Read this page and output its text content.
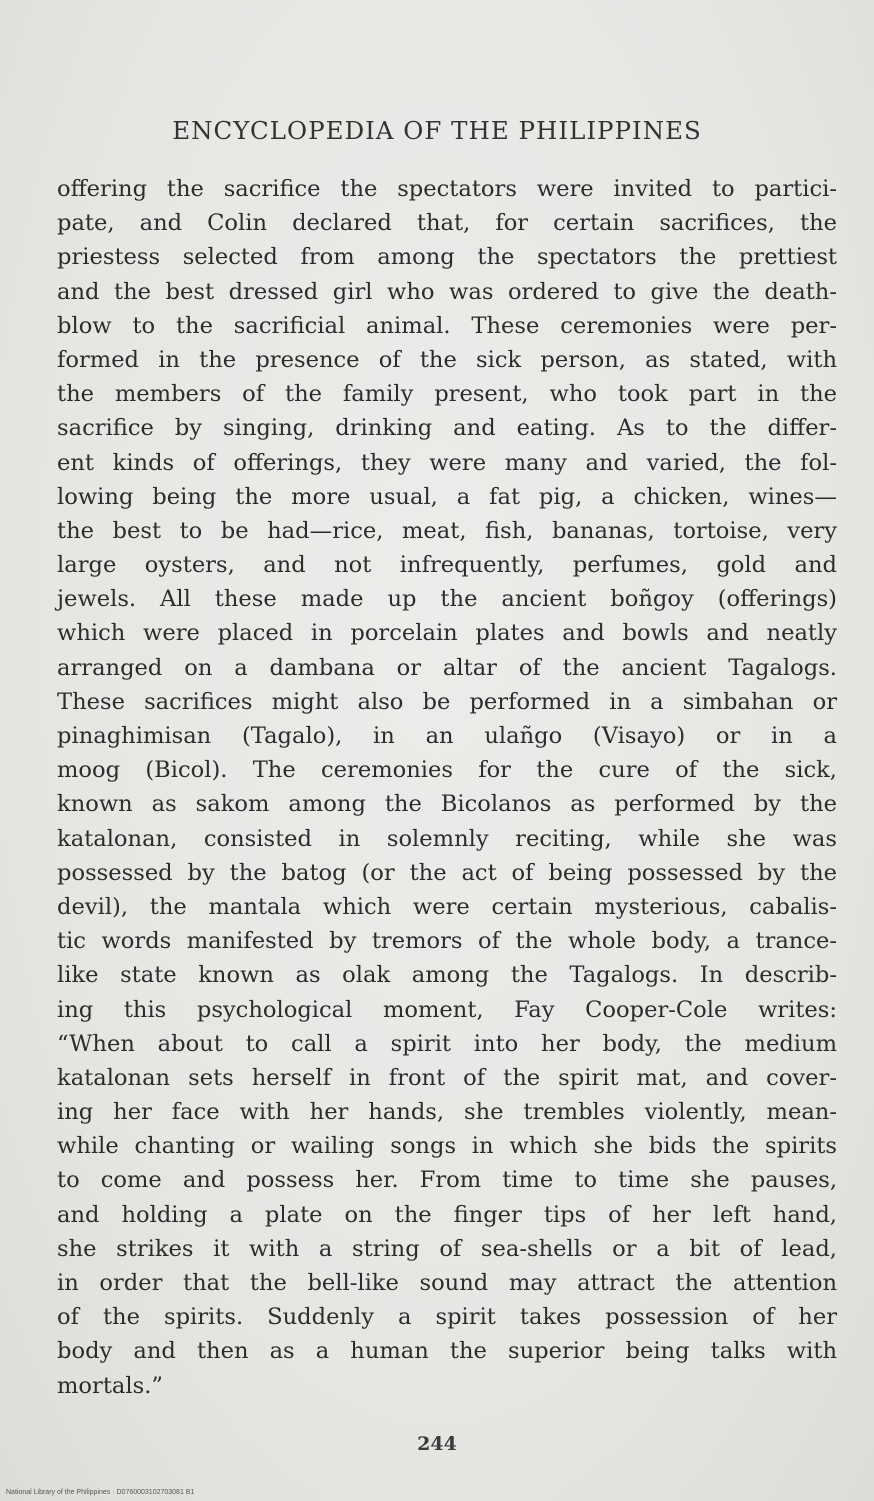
ENCYCLOPEDIA OF THE PHILIPPINES
offering the sacrifice the spectators were invited to partici-
pate, and Colin declared that, for certain sacrifices, the
priestess selected from among the spectators the prettiest
and the best dressed girl who was ordered to give the death-
blow to the sacrificial animal. These ceremonies were per-
formed in the presence of the sick person, as stated, with
the members of the family present, who took part in the
sacrifice by singing, drinking and eating. As to the differ-
ent kinds of offerings, they were many and varied, the fol-
lowing being the more usual, a fat pig, a chicken, wines—
the best to be had—rice, meat, fish, bananas, tortoise, very
large oysters, and not infrequently, perfumes, gold and
jewels. All these made up the ancient boñgoy (offerings)
which were placed in porcelain plates and bowls and neatly
arranged on a dambana or altar of the ancient Tagalogs.
These sacrifices might also be performed in a simbahan or
pinaghimisan (Tagalo), in an ulañgo (Visayo) or in a
moog (Bicol). The ceremonies for the cure of the sick,
known as sakom among the Bicolanos as performed by the
katalonan, consisted in solemnly reciting, while she was
possessed by the batog (or the act of being possessed by the
devil), the mantala which were certain mysterious, cabalis-
tic words manifested by tremors of the whole body, a trance-
like state known as olak among the Tagalogs. In describ-
ing this psychological moment, Fay Cooper-Cole writes:
“When about to call a spirit into her body, the medium
katalonan sets herself in front of the spirit mat, and cover-
ing her face with her hands, she trembles violently, mean-
while chanting or wailing songs in which she bids the spirits
to come and possess her. From time to time she pauses,
and holding a plate on the finger tips of her left hand,
she strikes it with a string of sea-shells or a bit of lead,
in order that the bell-like sound may attract the attention
of the spirits. Suddenly a spirit takes possession of her
body and then as a human the superior being talks with
mortals.”
244
National Library of the Philippines · D0760003102703081 B1
